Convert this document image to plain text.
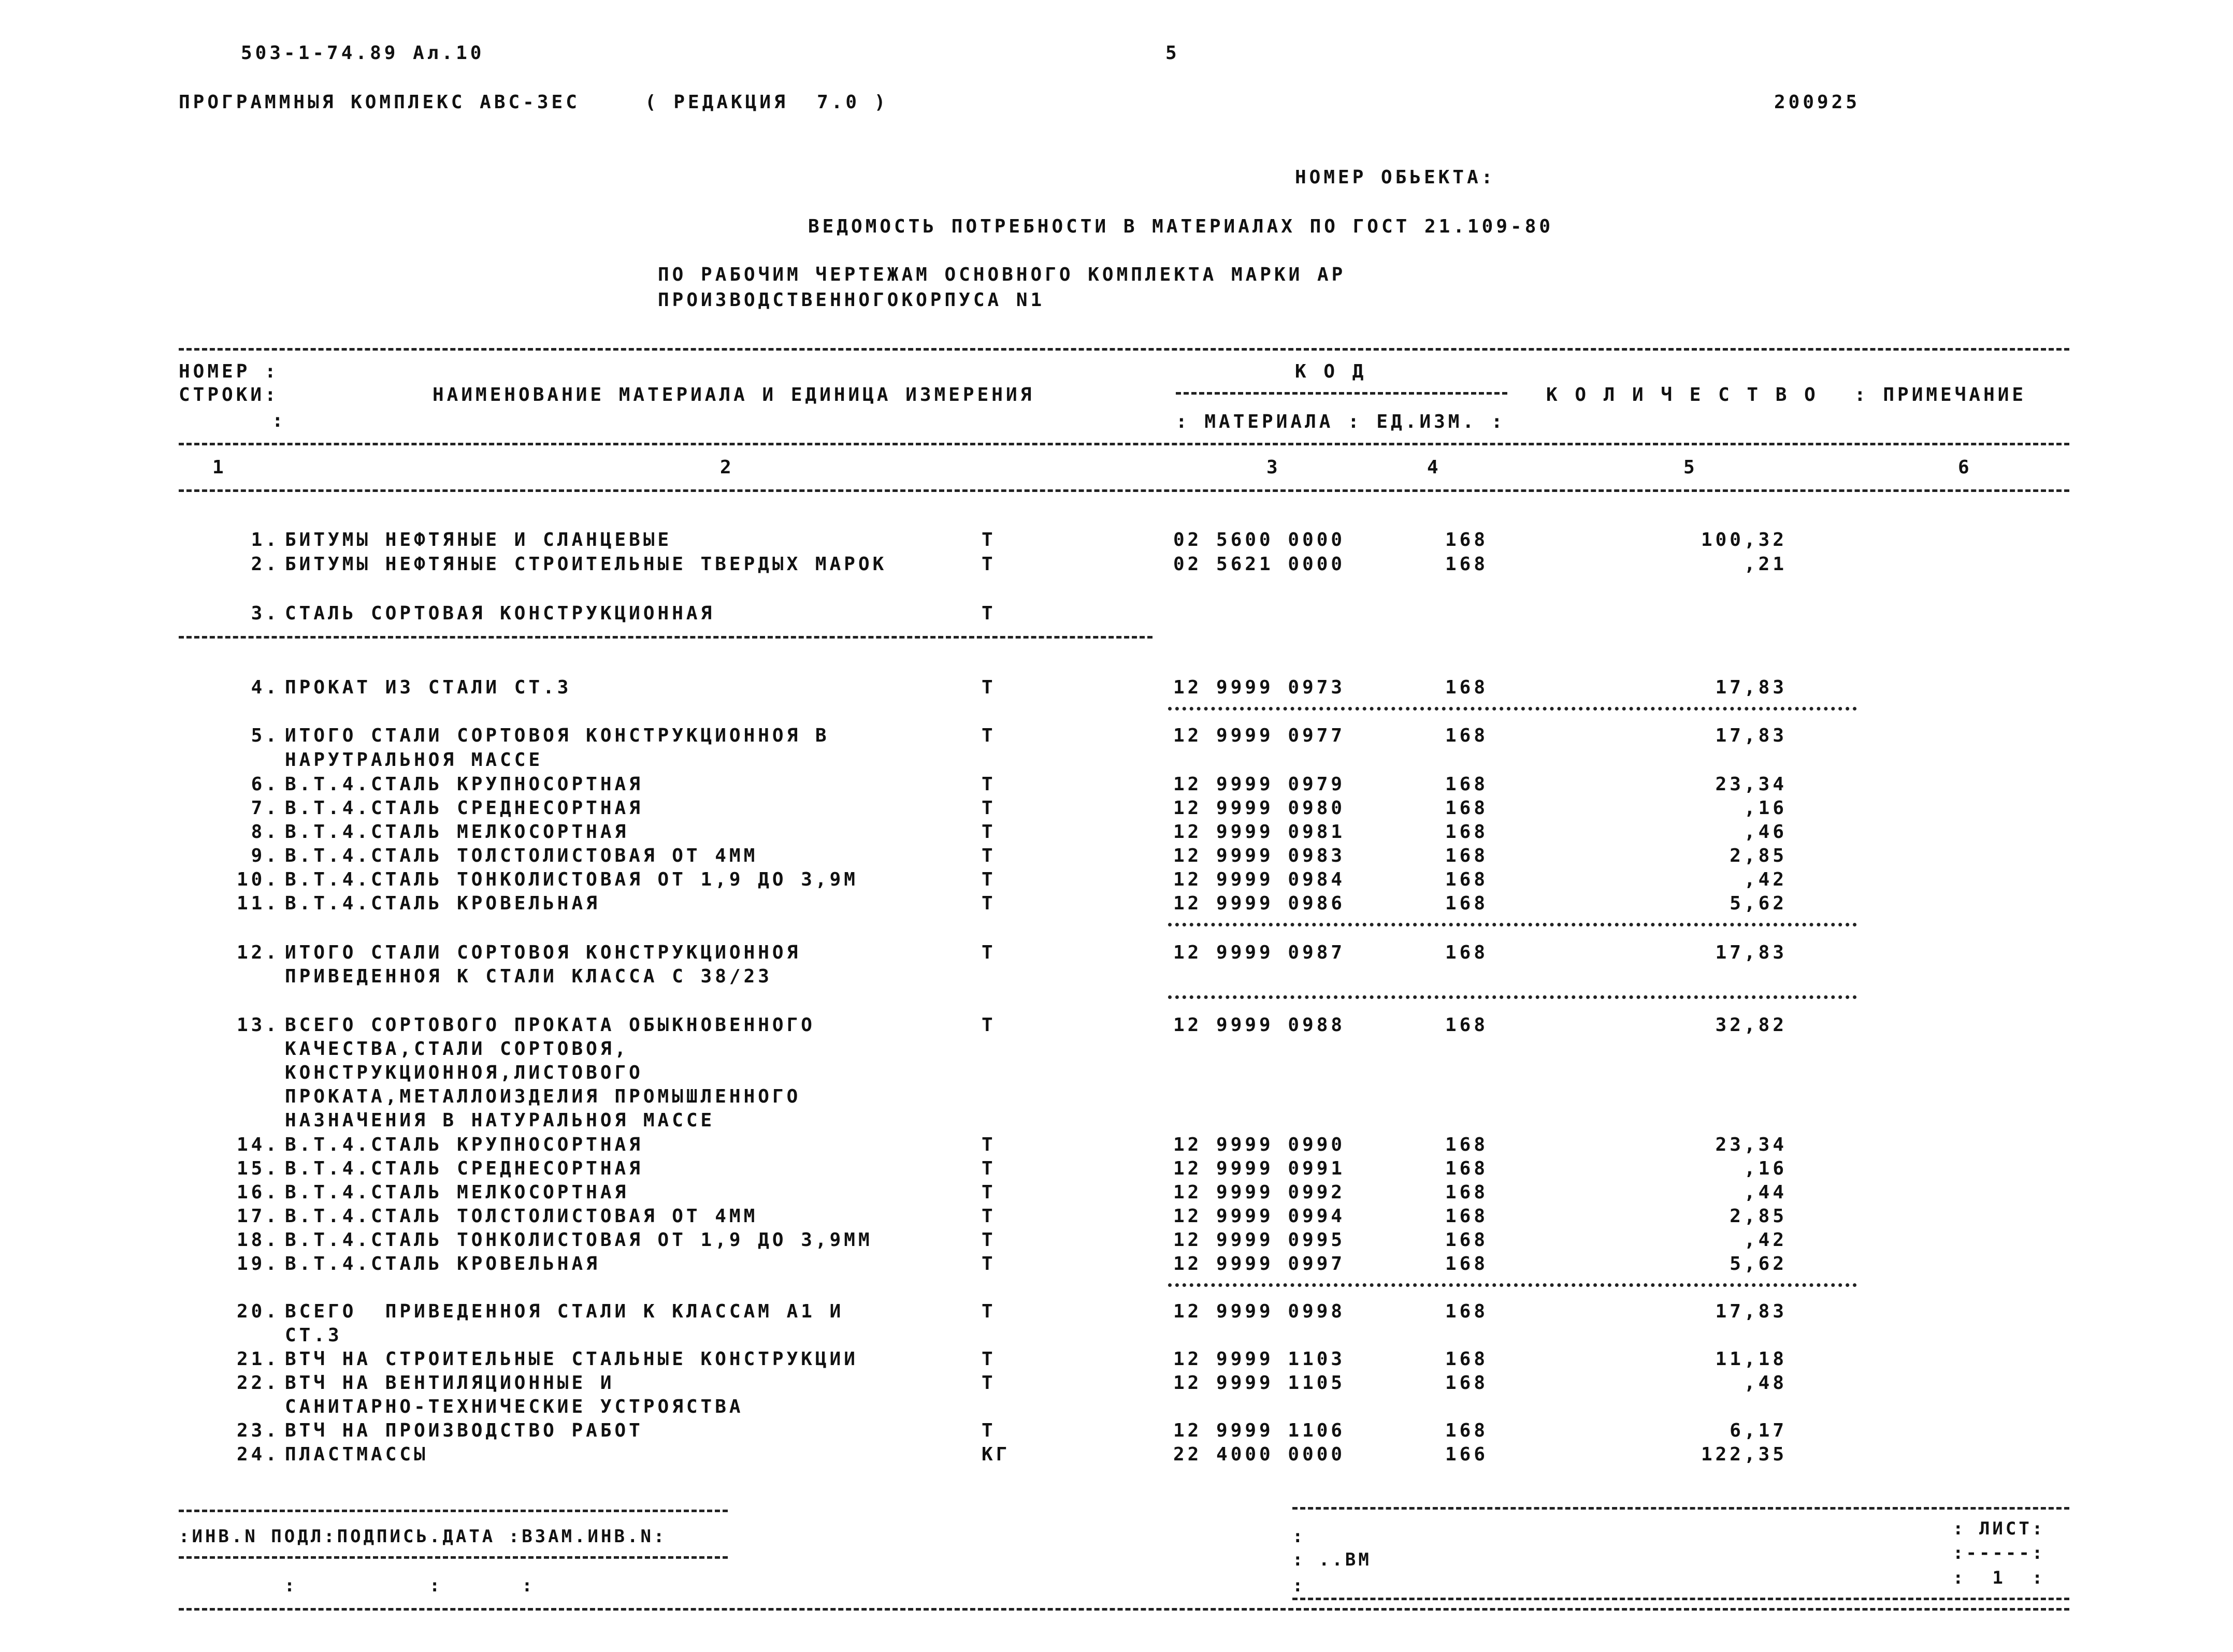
503-1-74.89 Ал.10	5
ПРОГРАММНЫЯ КОМПЛЕКС АВС-3ЕС	( РЕДАКЦИЯ  7.0 )	200925
НОМЕР ОБЬЕКТА:
ВЕДОМОСТЬ ПОТРЕБНОСТИ В МАТЕРИАЛАХ ПО ГОСТ 21.109-80
ПО РАБОЧИМ ЧЕРТЕЖАМ ОСНОВНОГО КОМПЛЕКТА МАРКИ АР
ПРОИЗВОДСТВЕННОГОКОРПУСА N1
НОМЕР :
СТРОКИ:
:
НАИМЕНОВАНИЕ МАТЕРИАЛА И ЕДИНИЦА ИЗМЕРЕНИЯ
К О Д
: МАТЕРИАЛА : ЕД.ИЗМ. :
К О Л И Ч Е С Т В О : ПРИМЕЧАНИЕ
1	2	3	4	5	6
1. БИТУМЫ НЕФТЯНЫЕ И СЛАНЦЕВЫЕ	Т	02 5600 0000	168	100,32
2. БИТУМЫ НЕФТЯНЫЕ СТРОИТЕЛЬНЫЕ ТВЕРДЫХ МАРОК	Т	02 5621 0000	168	,21
3. СТАЛЬ СОРТОВАЯ КОНСТРУКЦИОННАЯ	Т
4. ПРОКАТ ИЗ СТАЛИ СТ.3	Т	12 9999 0973	168	17,83
5. ИТОГО СТАЛИ СОРТОВОЯ КОНСТРУКЦИОННОЯ В	Т	12 9999 0977	168	17,83
НАРУТРАЛЬНОЯ МАССЕ
6. В.Т.4.СТАЛЬ КРУПНОСОРТНАЯ	Т	12 9999 0979	168	23,34
7. В.Т.4.СТАЛЬ СРЕДНЕСОРТНАЯ	Т	12 9999 0980	168	,16
8. В.Т.4.СТАЛЬ МЕЛКОСОРТНАЯ	Т	12 9999 0981	168	,46
9. В.Т.4.СТАЛЬ ТОЛСТОЛИСТОВАЯ ОТ 4ММ	Т	12 9999 0983	168	2,85
10. В.Т.4.СТАЛЬ ТОНКОЛИСТОВАЯ ОТ 1,9 ДО 3,9М	Т	12 9999 0984	168	,42
11. В.Т.4.СТАЛЬ КРОВЕЛЬНАЯ	Т	12 9999 0986	168	5,62
12. ИТОГО СТАЛИ СОРТОВОЯ КОНСТРУКЦИОННОЯ	Т	12 9999 0987	168	17,83
ПРИВЕДЕННОЯ К СТАЛИ КЛАССА С 38/23
13. ВСЕГО СОРТОВОГО ПРОКАТА ОБЫКНОВЕННОГО	Т	12 9999 0988	168	32,82
КАЧЕСТВА,СТАЛИ СОРТОВОЯ,
КОНСТРУКЦИОННОЯ,ЛИСТОВОГО
ПРОКАТА,МЕТАЛЛОИЗДЕЛИЯ ПРОМЫШЛЕННОГО
НАЗНАЧЕНИЯ В НАТУРАЛЬНОЯ МАССЕ
14. В.Т.4.СТАЛЬ КРУПНОСОРТНАЯ	Т	12 9999 0990	168	23,34
15. В.Т.4.СТАЛЬ СРЕДНЕСОРТНАЯ	Т	12 9999 0991	168	,16
16. В.Т.4.СТАЛЬ МЕЛКОСОРТНАЯ	Т	12 9999 0992	168	,44
17. В.Т.4.СТАЛЬ ТОЛСТОЛИСТОВАЯ ОТ 4ММ	Т	12 9999 0994	168	2,85
18. В.Т.4.СТАЛЬ ТОНКОЛИСТОВАЯ ОТ 1,9 ДО 3,9ММ	Т	12 9999 0995	168	,42
19. В.Т.4.СТАЛЬ КРОВЕЛЬНАЯ	Т	12 9999 0997	168	5,62
20. ВСЕГО  ПРИВЕДЕННОЯ СТАЛИ К КЛАССАМ А1 И	Т	12 9999 0998	168	17,83
СТ.3
21. ВТЧ НА СТРОИТЕЛЬНЫЕ СТАЛЬНЫЕ КОНСТРУКЦИИ	Т	12 9999 1103	168	11,18
22. ВТЧ НА ВЕНТИЛЯЦИОННЫЕ И	Т	12 9999 1105	168	,48
САНИТАРНО-ТЕХНИЧЕСКИЕ УСТРОЯСТВА
23. ВТЧ НА ПРОИЗВОДСТВО РАБОТ	Т	12 9999 1106	168	6,17
24. ПЛАСТМАССЫ	КГ	22 4000 0000	166	122,35
:ИНВ.N ПОДЛ:ПОДПИСЬ.ДАТА :ВЗАМ.ИНВ.N:
:          :      :
:
: ..ВМ
:
: ЛИСТ:
:-----:
:  1  :
